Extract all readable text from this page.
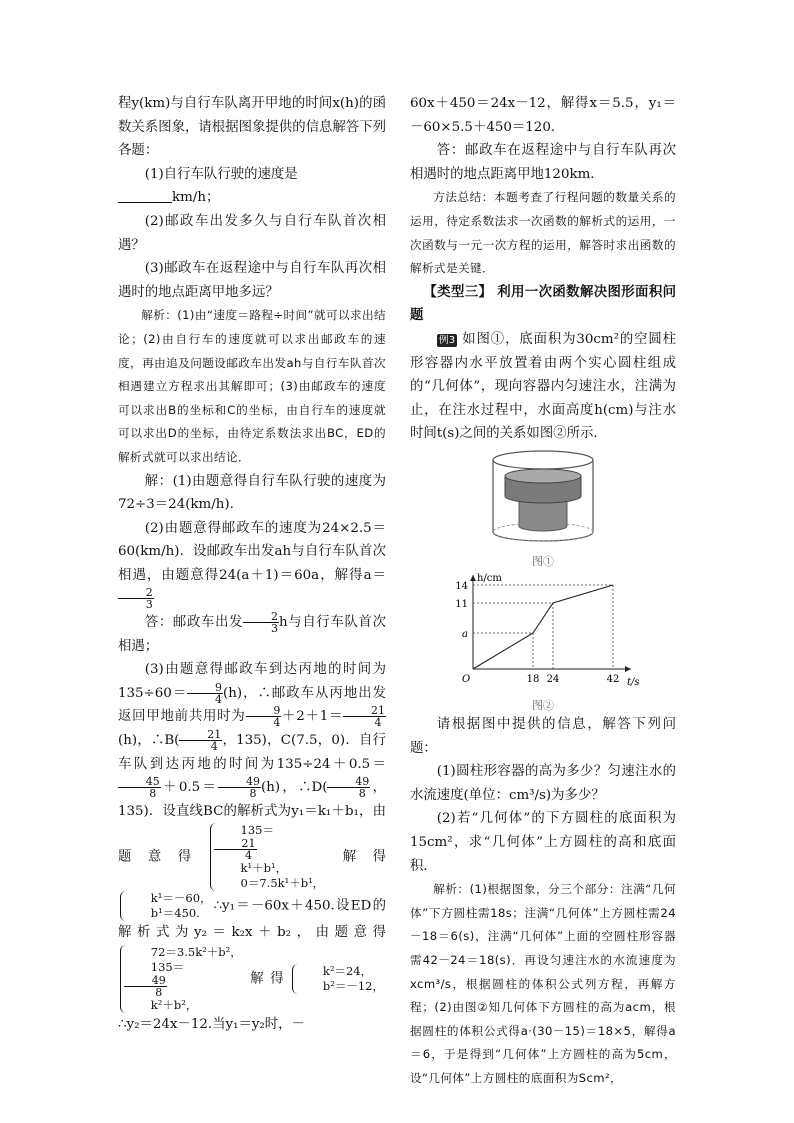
程y(km)与自行车队离开甲地的时间x(h)的函数关系图象，请根据图象提供的信息解答下列各题：

(1)自行车队行驶的速度是

km/h；

(2)邮政车出发多久与自行车队首次相遇？

(3)邮政车在返程途中与自行车队再次相遇时的地点距离甲地多远？

解析：(1)由“速度＝路程÷时间”就可以求出结论；(2)由自行车的速度就可以求出邮政车的速度，再由追及问题设邮政车出发ah与自行车队首次相遇建立方程求出其解即可；(3)由邮政车的速度可以求出B的坐标和C的坐标，由自行车的速度就可以求出D的坐标，由待定系数法求出BC，ED的解析式就可以求出结论．

解：(1)由题意得自行车队行驶的速度为72÷3＝24(km/h)．

(2)由题意得邮政车的速度为24×2.5＝60(km/h)．设邮政车出发ah与自行车队首次相遇，由题意得24(a＋1)＝60a，解得a＝
$\frac{2}{3}$

答：邮政车出发 $\frac{2}{3}$ h与自行车队首次相遇；

(3)由题意得邮政车到达丙地的时间为$135\div 60= \frac{9}{4} (h)$，∴邮政车从丙地出发返回甲地前共用时为 $\frac{9}{4} +2+1= \frac{21}{4}$
(h)，∴B( $\frac{21}{4}$ ，135)，C(7.5，0)．自行车队到达丙地的时间为135÷24＋0.5＝
$\frac{45}{8} +0.5= \frac{49}{8} (h)$，∴D( $\frac{49}{8}$ ，135)．设直线BC的解析式为y₁＝k₁＋b₁，由题意得
135＝
$\frac{21}{4}$
k¹＋b¹，
0＝7.5k¹＋b¹，
解得
k¹＝－60，
b¹＝450.	∴y₁＝－60x＋450.设ED的解析式为y₂＝k₂x＋b₂，由题意得
72＝3.5k²＋b²，
135＝
$\frac{49}{8}$
k²＋b²，
解得
k²＝24，
b²＝－12，
∴y₂＝24x－12.当y₁＝y₂时，－

60x＋450＝24x－12，解得x＝5.5，y₁＝－60×5.5＋450＝120.

答：邮政车在返程途中与自行车队再次相遇时的地点距离甲地120km.

方法总结：本题考查了行程问题的数量关系的运用，待定系数法求一次函数的解析式的运用，一次函数与一元一次方程的运用，解答时求出函数的解析式是关键．

【类型三】 利用一次函数解决图形面积问题

例3 如图①，底面积为30cm²的空圆柱形容器内水平放置着由两个实心圆柱组成的“几何体”，现向容器内匀速注水，注满为止，在注水过程中，水面高度h(cm)与注水时间t(s)之间的关系如图②所示．

图①
h/cm
t/s
O	18 24	42
a
11
14
图②

请根据图中提供的信息，解答下列问题：

(1)圆柱形容器的高为多少？匀速注水的水流速度(单位：cm³/s)为多少？

(2)若“几何体”的下方圆柱的底面积为15cm²，求“几何体”上方圆柱的高和底面积．

解析：(1)根据图象，分三个部分：注满“几何体”下方圆柱需18s；注满“几何体”上方圆柱需24－18＝6(s)，注满“几何体”上面的空圆柱形容器需42－24＝18(s)．再设匀速注水的水流速度为xcm³/s，根据圆柱的体积公式列方程，再解方程；(2)由图②知几何体下方圆柱的高为acm，根据圆柱的体积公式得a·(30－15)＝18×5，解得a＝6，于是得到“几何体”上方圆柱的高为5cm，设“几何体”上方圆柱的底面积为Scm²，
